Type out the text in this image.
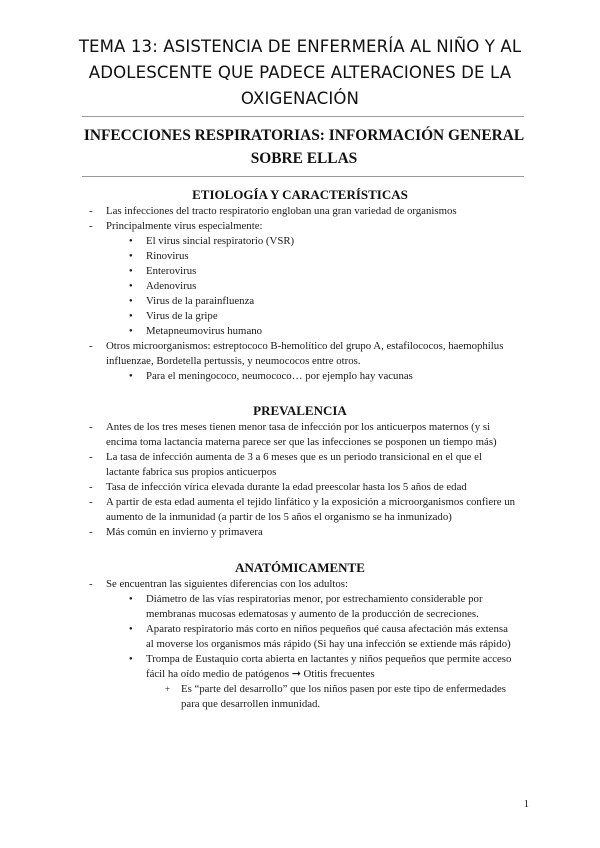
TEMA 13: ASISTENCIA DE ENFERMERÍA AL NIÑO Y AL ADOLESCENTE QUE PADECE ALTERACIONES DE LA OXIGENACIÓN
INFECCIONES RESPIRATORIAS: INFORMACIÓN GENERAL SOBRE ELLAS

ETIOLOGÍA Y CARACTERÍSTICAS

- Las infecciones del tracto respiratorio engloban una gran variedad de organismos
- Principalmente virus especialmente:
● El virus sincial respiratorio (VSR)
● Rinovirus
● Enterovirus
● Adenovirus
● Virus de la parainfluenza
● Virus de la gripe
● Metapneumovirus humano
- Otros microorganismos: estreptococo B-hemolítico del grupo A, estafilococos, haemophilus influenzae, Bordetella pertussis, y neumococos entre otros.
● Para el meningococo, neumococo… por ejemplo hay vacunas

PREVALENCIA

- Antes de los tres meses tienen menor tasa de infección por los anticuerpos maternos (y si encima toma lactancia materna parece ser que las infecciones se posponen un tiempo más)
- La tasa de infección aumenta de 3 a 6 meses que es un periodo transicional en el que el lactante fabrica sus propios anticuerpos
- Tasa de infección vírica elevada durante la edad preescolar hasta los 5 años de edad
- A partir de esta edad aumenta el tejido linfático y la exposición a microorganismos confiere un aumento de la inmunidad (a partir de los 5 años el organismo se ha inmunizado)
- Más común en invierno y primavera

ANATÓMICAMENTE

- Se encuentran las siguientes diferencias con los adultos:
● Diámetro de las vías respiratorias menor, por estrechamiento considerable por membranas mucosas edematosas y aumento de la producción de secreciones.
● Aparato respiratorio más corto en niños pequeños qué causa afectación más extensa al moverse los organismos más rápido (Si hay una infección se extiende más rápido)
● Trompa de Eustaquio corta abierta en lactantes y niños pequeños que permite acceso fácil ha oído medio de patógenos ➞ Otitis frecuentes
+ Es “parte del desarrollo” que los niños pasen por este tipo de enfermedades para que desarrollen inmunidad.
1
